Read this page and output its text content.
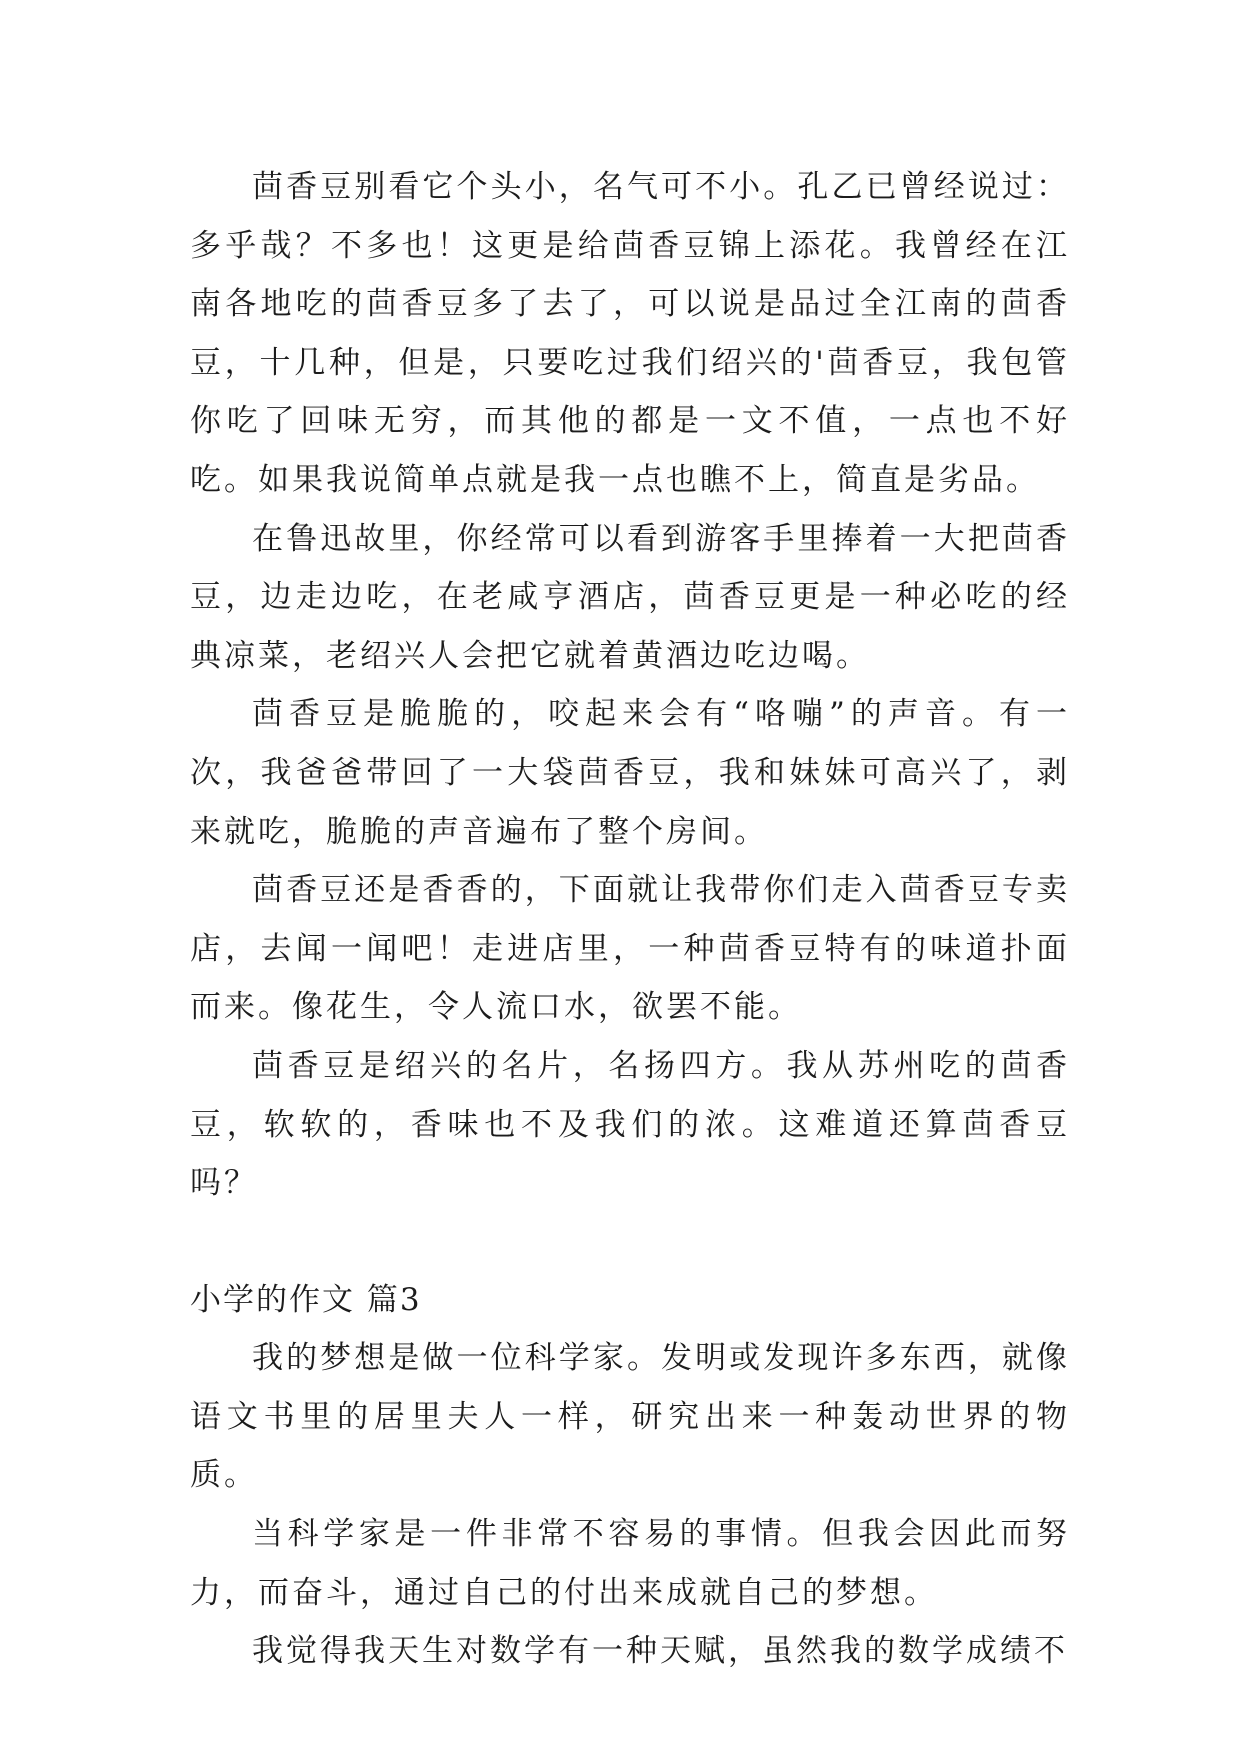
茴香豆别看它个头小，名气可不小。孔乙已曾经说过：多乎哉？不多也！这更是给茴香豆锦上添花。我曾经在江南各地吃的茴香豆多了去了，可以说是品过全江南的茴香豆，十几种，但是，只要吃过我们绍兴的'茴香豆，我包管你吃了回味无穷，而其他的都是一文不值，一点也不好吃。如果我说简单点就是我一点也瞧不上，简直是劣品。

在鲁迅故里，你经常可以看到游客手里捧着一大把茴香豆，边走边吃，在老咸亨酒店，茴香豆更是一种必吃的经典凉菜，老绍兴人会把它就着黄酒边吃边喝。

茴香豆是脆脆的，咬起来会有“咯嘣”的声音。有一次，我爸爸带回了一大袋茴香豆，我和妹妹可高兴了，剥来就吃，脆脆的声音遍布了整个房间。

茴香豆还是香香的，下面就让我带你们走入茴香豆专卖店，去闻一闻吧！走进店里，一种茴香豆特有的味道扑面而来。像花生，令人流口水，欲罢不能。

茴香豆是绍兴的名片，名扬四方。我从苏州吃的茴香豆，软软的，香味也不及我们的浓。这难道还算茴香豆吗？

小学的作文 篇3

我的梦想是做一位科学家。发明或发现许多东西，就像语文书里的居里夫人一样，研究出来一种轰动世界的物质。

当科学家是一件非常不容易的事情。但我会因此而努力，而奋斗，通过自己的付出来成就自己的梦想。

我觉得我天生对数学有一种天赋，虽然我的数学成绩不
